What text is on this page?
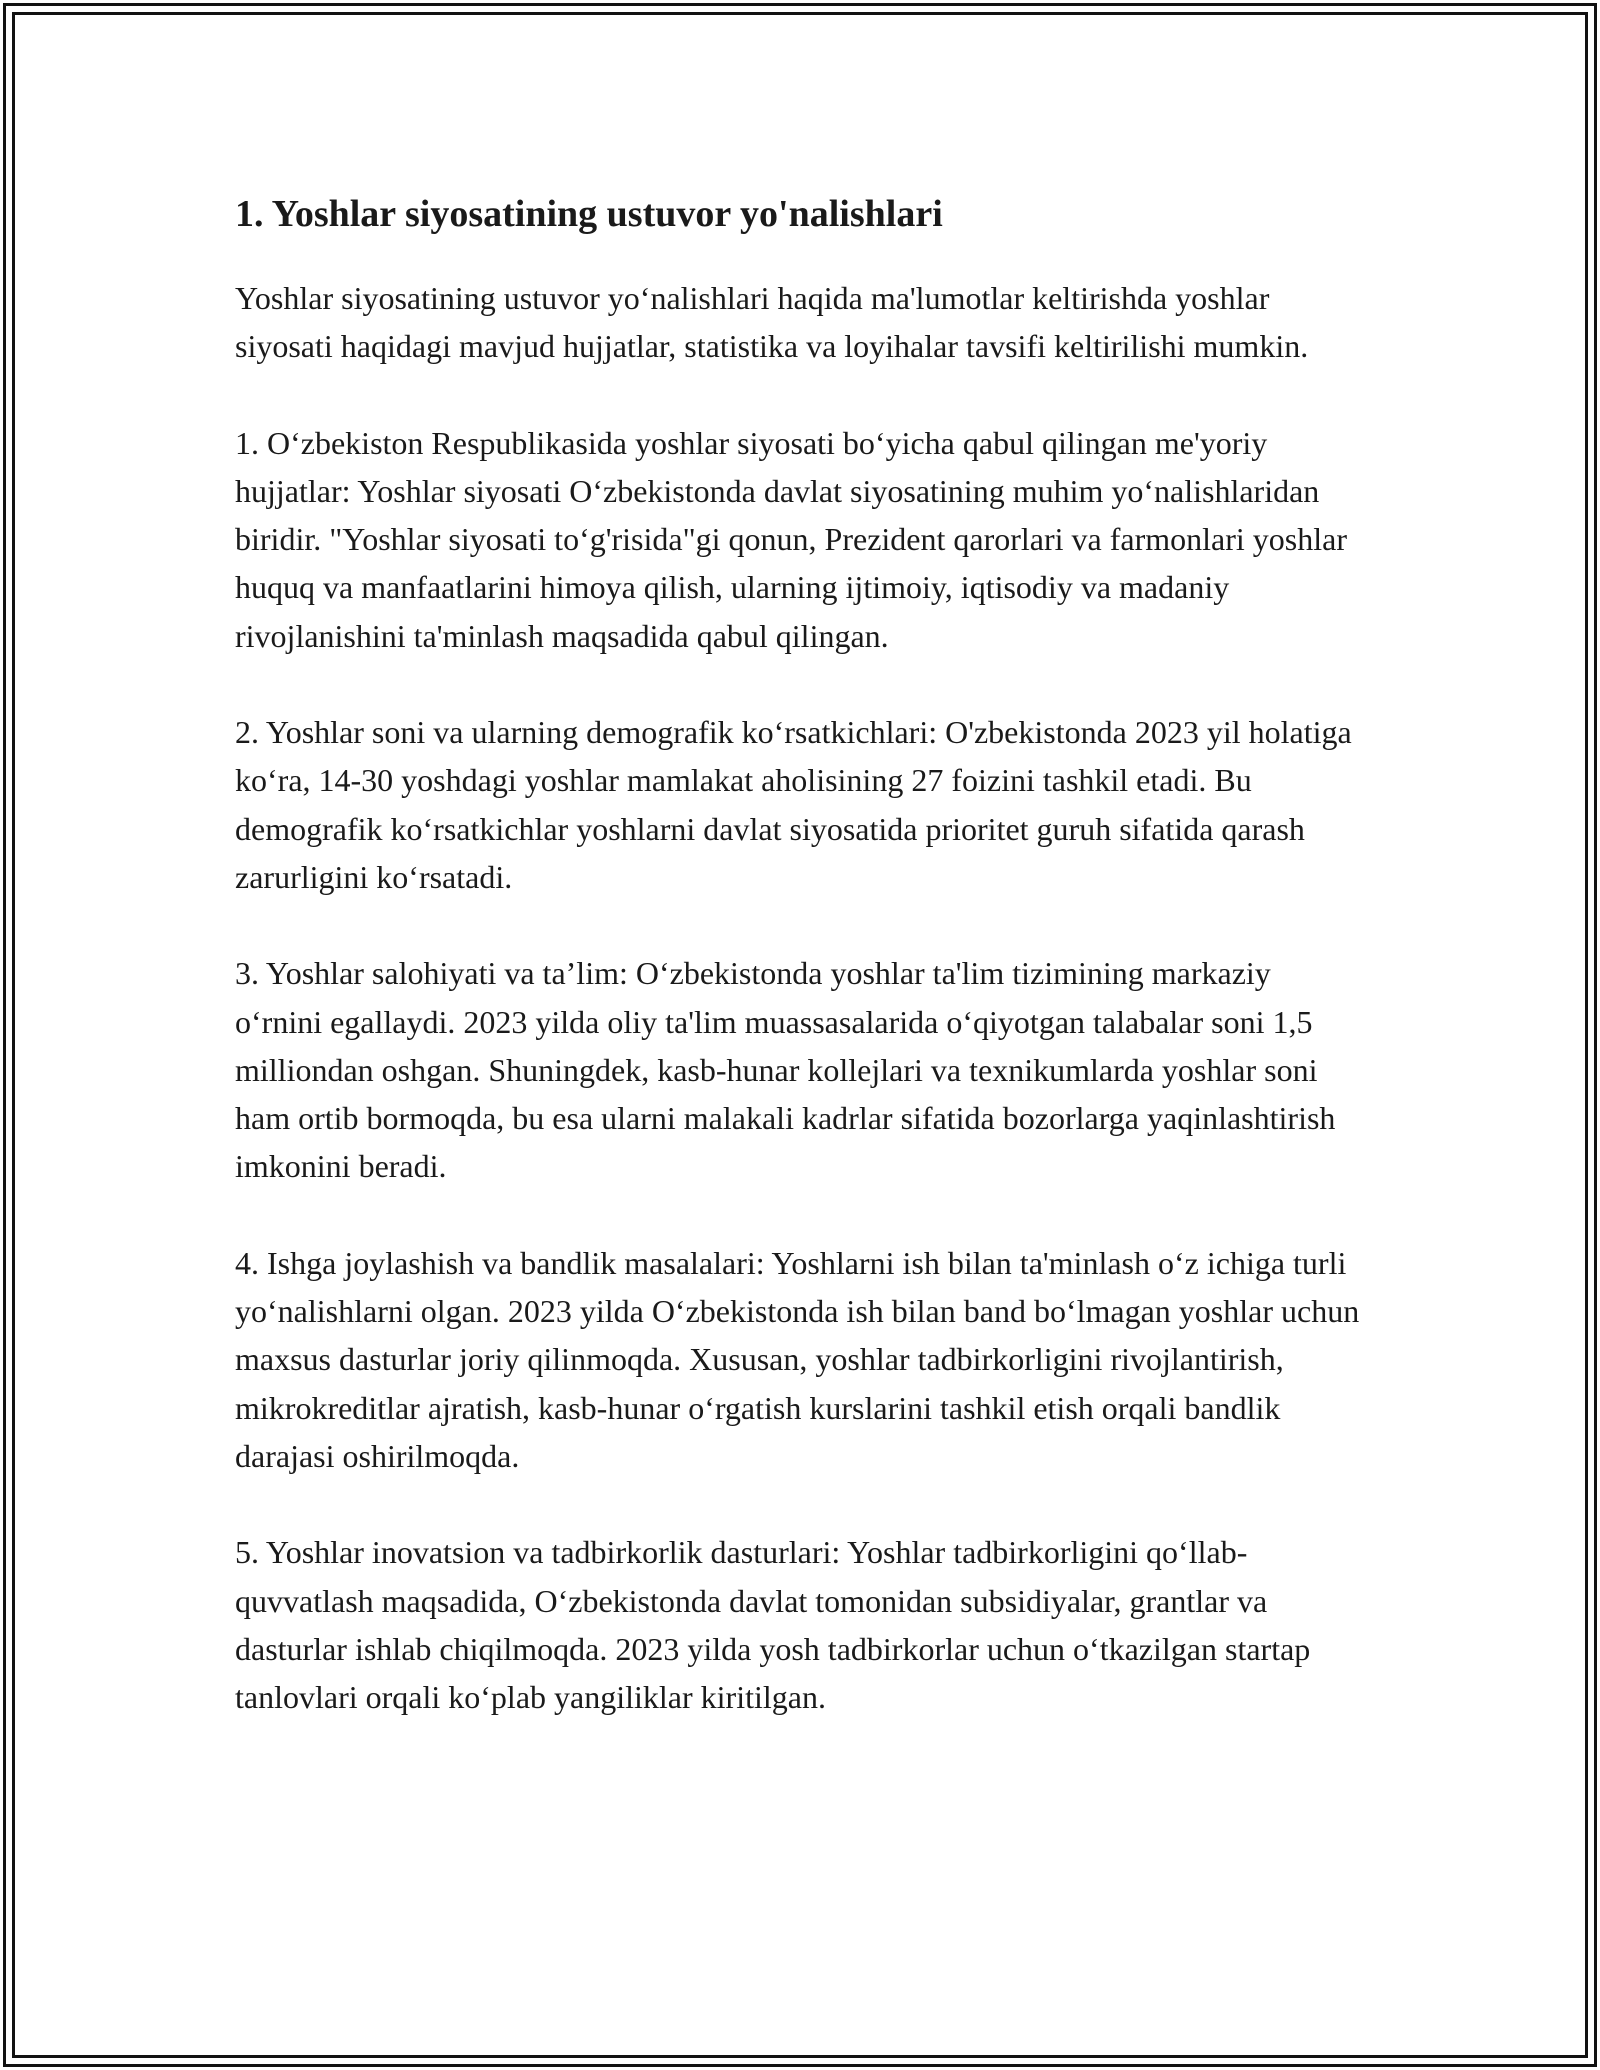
1. Yoshlar siyosatining ustuvor yo'nalishlari

Yoshlar siyosatining ustuvor yo‘nalishlari haqida ma'lumotlar keltirishda yoshlar siyosati haqidagi mavjud hujjatlar, statistika va loyihalar tavsifi keltirilishi mumkin.

1. O‘zbekiston Respublikasida yoshlar siyosati bo‘yicha qabul qilingan me'yoriy hujjatlar: Yoshlar siyosati O‘zbekistonda davlat siyosatining muhim yo‘nalishlaridan biridir. "Yoshlar siyosati to‘g'risida"gi qonun, Prezident qarorlari va farmonlari yoshlar huquq va manfaatlarini himoya qilish, ularning ijtimoiy, iqtisodiy va madaniy rivojlanishini ta'minlash maqsadida qabul qilingan.

2. Yoshlar soni va ularning demografik ko‘rsatkichlari: O'zbekistonda 2023 yil holatiga ko‘ra, 14-30 yoshdagi yoshlar mamlakat aholisining 27 foizini tashkil etadi. Bu demografik ko‘rsatkichlar yoshlarni davlat siyosatida prioritet guruh sifatida qarash zarurligini ko‘rsatadi.

3. Yoshlar salohiyati va ta’lim: O‘zbekistonda yoshlar ta'lim tizimining markaziy o‘rnini egallaydi. 2023 yilda oliy ta'lim muassasalarida o‘qiyotgan talabalar soni 1,5 milliondan oshgan. Shuningdek, kasb-hunar kollejlari va texnikumlarda yoshlar soni ham ortib bormoqda, bu esa ularni malakali kadrlar sifatida bozorlarga yaqinlashtirish imkonini beradi.

4. Ishga joylashish va bandlik masalalari: Yoshlarni ish bilan ta'minlash o‘z ichiga turli yo‘nalishlarni olgan. 2023 yilda O‘zbekistonda ish bilan band bo‘lmagan yoshlar uchun maxsus dasturlar joriy qilinmoqda. Xususan, yoshlar tadbirkorligini rivojlantirish, mikrokreditlar ajratish, kasb-hunar o‘rgatish kurslarini tashkil etish orqali bandlik darajasi oshirilmoqda.

5. Yoshlar inovatsion va tadbirkorlik dasturlari: Yoshlar tadbirkorligini qo‘llab-quvvatlash maqsadida, O‘zbekistonda davlat tomonidan subsidiyalar, grantlar va dasturlar ishlab chiqilmoqda. 2023 yilda yosh tadbirkorlar uchun o‘tkazilgan startap tanlovlari orqali ko‘plab yangiliklar kiritilgan.
